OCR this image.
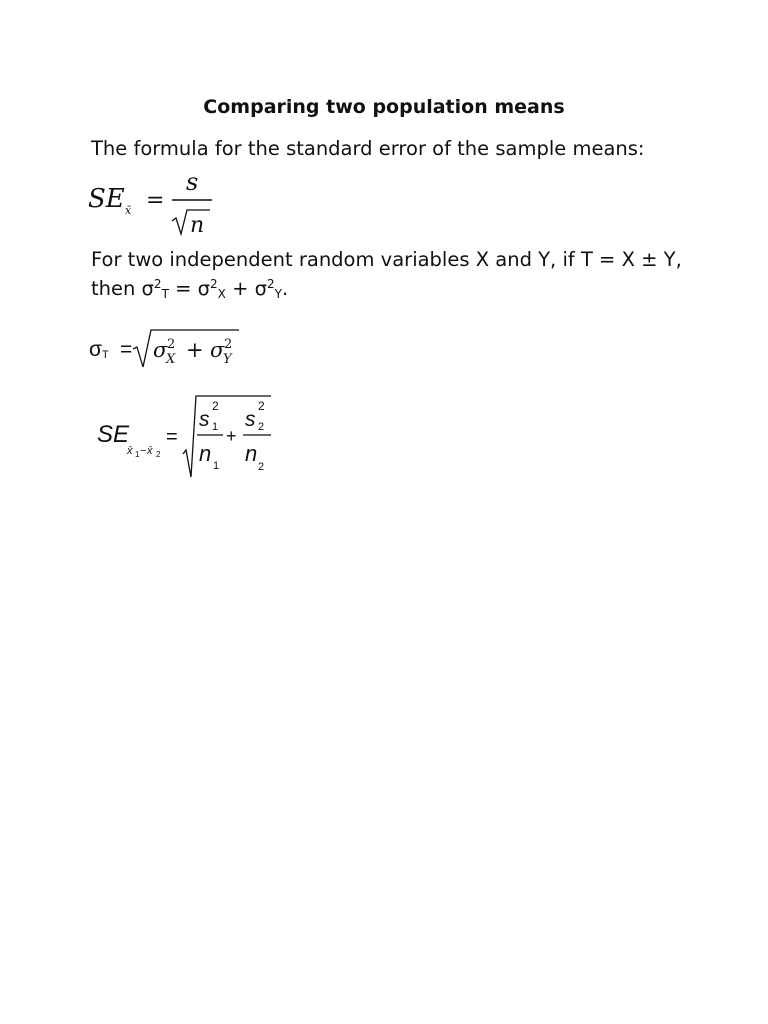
Comparing two population means
The formula for the standard error of the sample means:
SE x̄ =
s
n
For two independent random variables X and Y, if T = X ± Y,
then $\sigma^2_T = \sigma^2_X + \sigma^2_Y$.
σ T = σ 2
X + σ 2
Y
SE
x̄ 1 − x̄ 2
=
s
2
1
n 1
+
s
2
2
n
2
